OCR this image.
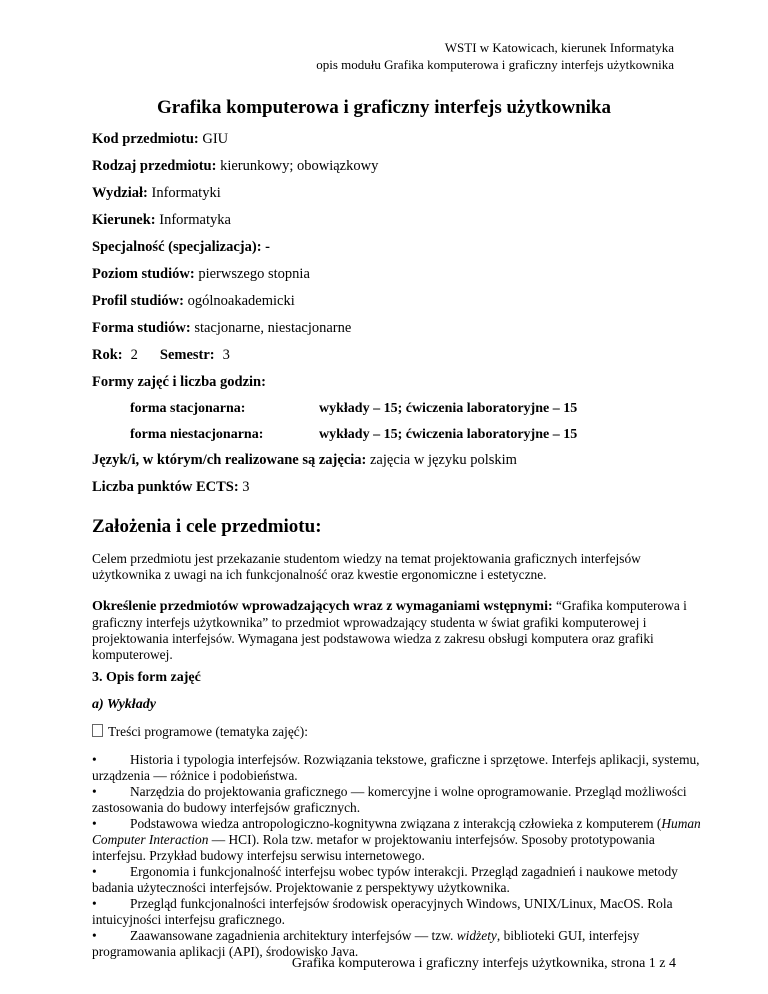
WSTI w Katowicach, kierunek Informatyka
opis modułu Grafika komputerowa i graficzny interfejs użytkownika
Grafika komputerowa i graficzny interfejs użytkownika
Kod przedmiotu: GIU
Rodzaj przedmiotu: kierunkowy; obowiązkowy
Wydział: Informatyki
Kierunek: Informatyka
Specjalność (specjalizacja): -
Poziom studiów: pierwszego stopnia
Profil studiów: ogólnoakademicki
Forma studiów: stacjonarne, niestacjonarne
Rok: 2 Semestr: 3
Formy zajęć i liczba godzin:
forma stacjonarna:	wykłady – 15; ćwiczenia laboratoryjne – 15
forma niestacjonarna:	wykłady – 15; ćwiczenia laboratoryjne – 15
Język/i, w którym/ch realizowane są zajęcia: zajęcia w języku polskim
Liczba punktów ECTS: 3
Założenia i cele przedmiotu:
Celem przedmiotu jest przekazanie studentom wiedzy na temat projektowania graficznych interfejsów użytkownika z uwagi na ich funkcjonalność oraz kwestie ergonomiczne i estetyczne.
Określenie przedmiotów wprowadzających wraz z wymaganiami wstępnymi: “Grafika komputerowa i graficzny interfejs użytkownika” to przedmiot wprowadzający studenta w świat grafiki komputerowej i projektowania interfejsów. Wymagana jest podstawowa wiedza z zakresu obsługi komputera oraz grafiki komputerowej.
3. Opis form zajęć
a) Wykłady
Treści programowe (tematyka zajęć):
• Historia i typologia interfejsów. Rozwiązania tekstowe, graficzne i sprzętowe. Interfejs aplikacji, systemu, urządzenia — różnice i podobieństwa.
• Narzędzia do projektowania graficznego — komercyjne i wolne oprogramowanie. Przegląd możliwości zastosowania do budowy interfejsów graficznych.
• Podstawowa wiedza antropologiczno-kognitywna związana z interakcją człowieka z komputerem (Human Computer Interaction — HCI). Rola tzw. metafor w projektowaniu interfejsów. Sposoby prototypowania interfejsu. Przykład budowy interfejsu serwisu internetowego.
• Ergonomia i funkcjonalność interfejsu wobec typów interakcji. Przegląd zagadnień i naukowe metody badania użyteczności interfejsów. Projektowanie z perspektywy użytkownika.
• Przegląd funkcjonalności interfejsów środowisk operacyjnych Windows, UNIX/Linux, MacOS. Rola intuicyjności interfejsu graficznego.
• Zaawansowane zagadnienia architektury interfejsów — tzw. widżety, biblioteki GUI, interfejsy programowania aplikacji (API), środowisko Java.
Grafika komputerowa i graficzny interfejs użytkownika, strona 1 z 4
